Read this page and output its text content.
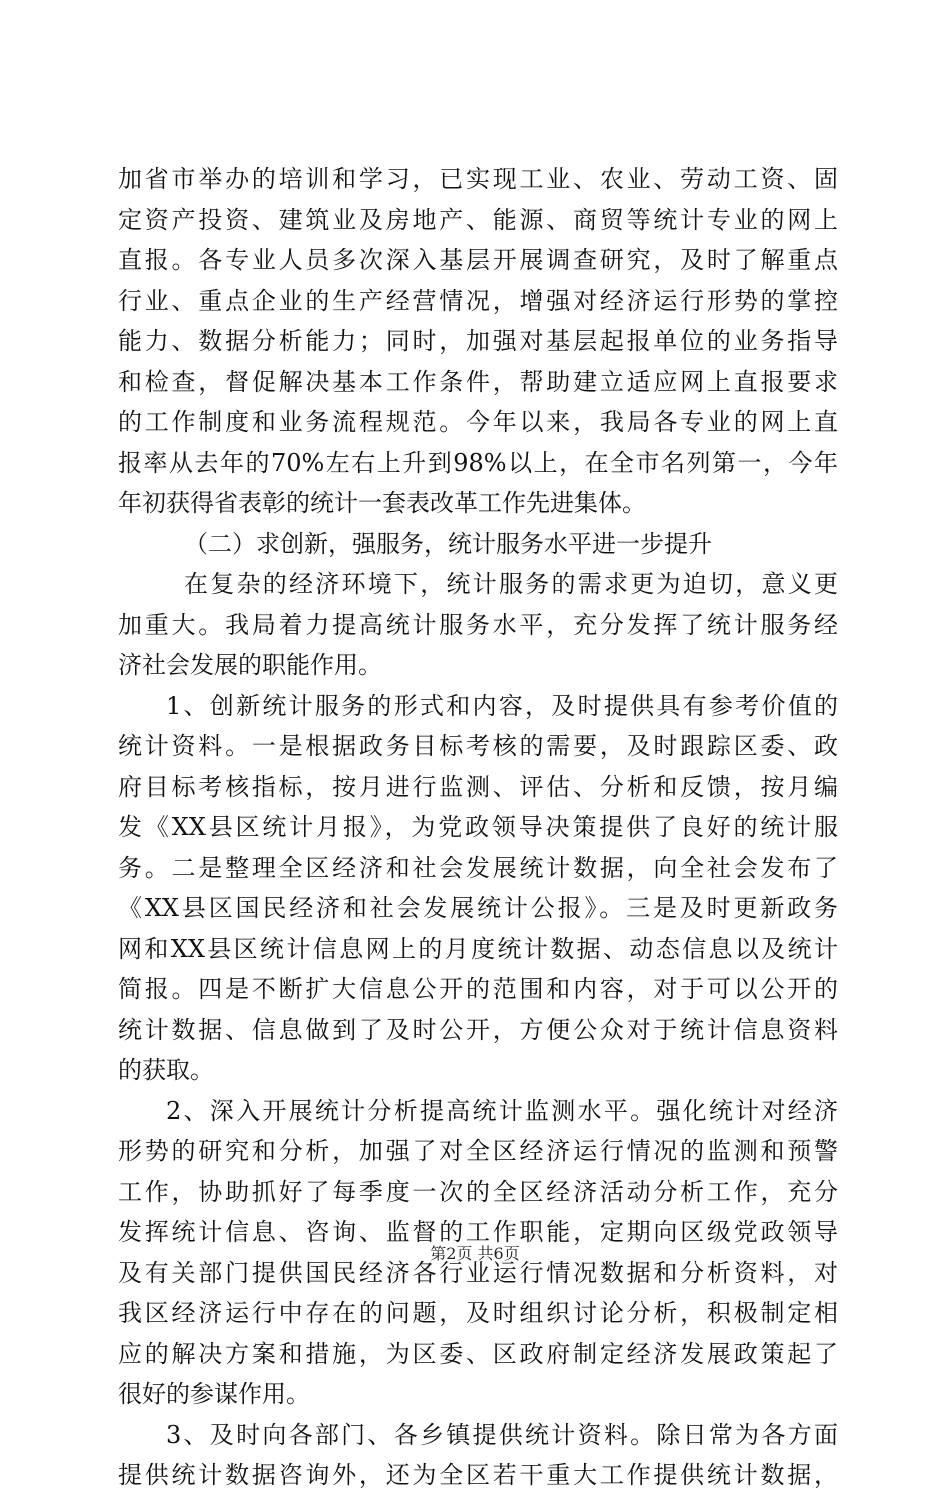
加省市举办的培训和学习，已实现工业、农业、劳动工资、固
定资产投资、建筑业及房地产、能源、商贸等统计专业的网上
直报。各专业人员多次深入基层开展调查研究，及时了解重点
行业、重点企业的生产经营情况，增强对经济运行形势的掌控
能力、数据分析能力；同时，加强对基层起报单位的业务指导
和检查，督促解决基本工作条件，帮助建立适应网上直报要求
的工作制度和业务流程规范。今年以来，我局各专业的网上直
报率从去年的70%左右上升到98%以上，在全市名列第一，今年
年初获得省表彰的统计一套表改革工作先进集体。
（二）求创新，强服务，统计服务水平进一步提升
在复杂的经济环境下，统计服务的需求更为迫切，意义更
加重大。我局着力提高统计服务水平，充分发挥了统计服务经
济社会发展的职能作用。
1、创新统计服务的形式和内容，及时提供具有参考价值的
统计资料。一是根据政务目标考核的需要，及时跟踪区委、政
府目标考核指标，按月进行监测、评估、分析和反馈，按月编
发《XX县区统计月报》，为党政领导决策提供了良好的统计服
务。二是整理全区经济和社会发展统计数据，向全社会发布了
《XX县区国民经济和社会发展统计公报》。三是及时更新政务
网和XX县区统计信息网上的月度统计数据、动态信息以及统计
简报。四是不断扩大信息公开的范围和内容，对于可以公开的
统计数据、信息做到了及时公开，方便公众对于统计信息资料
的获取。
2、深入开展统计分析提高统计监测水平。强化统计对经济
形势的研究和分析，加强了对全区经济运行情况的监测和预警
工作，协助抓好了每季度一次的全区经济活动分析工作，充分
发挥统计信息、咨询、监督的工作职能，定期向区级党政领导
及有关部门提供国民经济各行业运行情况数据和分析资料，对
我区经济运行中存在的问题，及时组织讨论分析，积极制定相
应的解决方案和措施，为区委、区政府制定经济发展政策起了
很好的参谋作用。
3、及时向各部门、各乡镇提供统计资料。除日常为各方面
提供统计数据咨询外，还为全区若干重大工作提供统计数据，
第2页 共6页
